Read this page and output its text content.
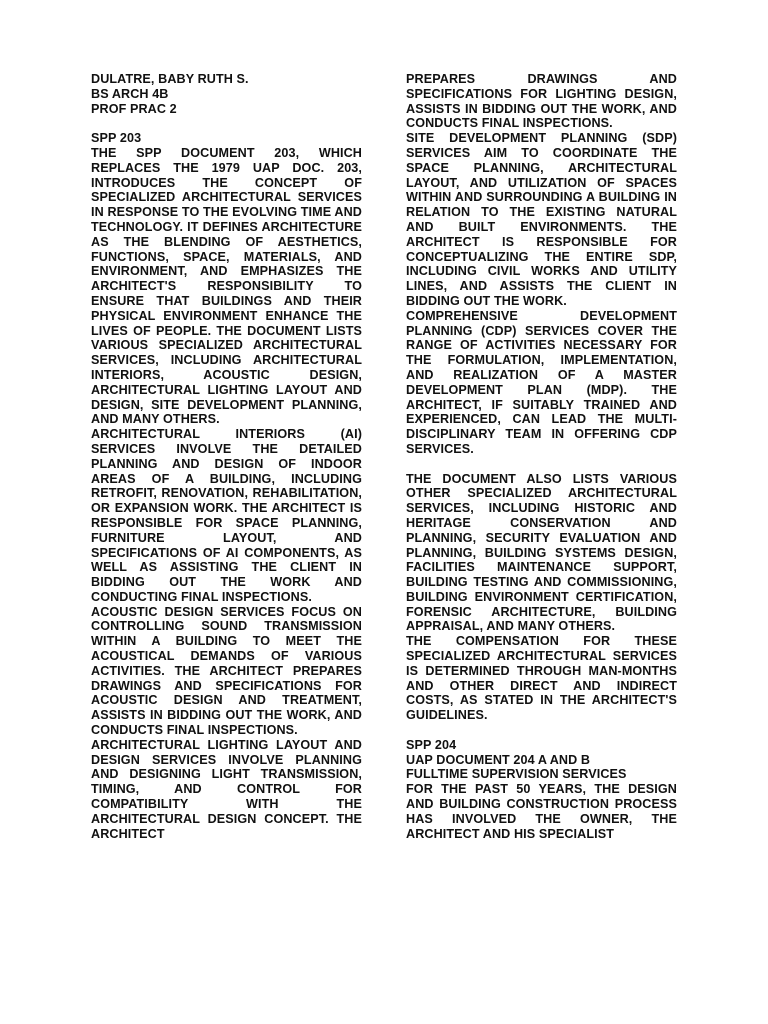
DULATRE, BABY RUTH S.

BS ARCH 4B

PROF PRAC 2

SPP 203

THE SPP DOCUMENT 203, WHICH REPLACES THE 1979 UAP DOC. 203, INTRODUCES THE CONCEPT OF SPECIALIZED ARCHITECTURAL SERVICES IN RESPONSE TO THE EVOLVING TIME AND TECHNOLOGY. IT DEFINES ARCHITECTURE AS THE BLENDING OF AESTHETICS, FUNCTIONS, SPACE, MATERIALS, AND ENVIRONMENT, AND EMPHASIZES THE ARCHITECT'S RESPONSIBILITY TO ENSURE THAT BUILDINGS AND THEIR PHYSICAL ENVIRONMENT ENHANCE THE LIVES OF PEOPLE. THE DOCUMENT LISTS VARIOUS SPECIALIZED ARCHITECTURAL SERVICES, INCLUDING ARCHITECTURAL INTERIORS, ACOUSTIC DESIGN, ARCHITECTURAL LIGHTING LAYOUT AND DESIGN, SITE DEVELOPMENT PLANNING, AND MANY OTHERS.

ARCHITECTURAL INTERIORS (AI) SERVICES INVOLVE THE DETAILED PLANNING AND DESIGN OF INDOOR AREAS OF A BUILDING, INCLUDING RETROFIT, RENOVATION, REHABILITATION, OR EXPANSION WORK. THE ARCHITECT IS RESPONSIBLE FOR SPACE PLANNING, FURNITURE LAYOUT, AND SPECIFICATIONS OF AI COMPONENTS, AS WELL AS ASSISTING THE CLIENT IN BIDDING OUT THE WORK AND CONDUCTING FINAL INSPECTIONS.

ACOUSTIC DESIGN SERVICES FOCUS ON CONTROLLING SOUND TRANSMISSION WITHIN A BUILDING TO MEET THE ACOUSTICAL DEMANDS OF VARIOUS ACTIVITIES. THE ARCHITECT PREPARES DRAWINGS AND SPECIFICATIONS FOR ACOUSTIC DESIGN AND TREATMENT, ASSISTS IN BIDDING OUT THE WORK, AND CONDUCTS FINAL INSPECTIONS.

ARCHITECTURAL LIGHTING LAYOUT AND DESIGN SERVICES INVOLVE PLANNING AND DESIGNING LIGHT TRANSMISSION, TIMING, AND CONTROL FOR COMPATIBILITY WITH THE ARCHITECTURAL DESIGN CONCEPT. THE ARCHITECT

PREPARES DRAWINGS AND SPECIFICATIONS FOR LIGHTING DESIGN, ASSISTS IN BIDDING OUT THE WORK, AND CONDUCTS FINAL INSPECTIONS.

SITE DEVELOPMENT PLANNING (SDP) SERVICES AIM TO COORDINATE THE SPACE PLANNING, ARCHITECTURAL LAYOUT, AND UTILIZATION OF SPACES WITHIN AND SURROUNDING A BUILDING IN RELATION TO THE EXISTING NATURAL AND BUILT ENVIRONMENTS. THE ARCHITECT IS RESPONSIBLE FOR CONCEPTUALIZING THE ENTIRE SDP, INCLUDING CIVIL WORKS AND UTILITY LINES, AND ASSISTS THE CLIENT IN BIDDING OUT THE WORK.

COMPREHENSIVE DEVELOPMENT PLANNING (CDP) SERVICES COVER THE RANGE OF ACTIVITIES NECESSARY FOR THE FORMULATION, IMPLEMENTATION, AND REALIZATION OF A MASTER DEVELOPMENT PLAN (MDP). THE ARCHITECT, IF SUITABLY TRAINED AND EXPERIENCED, CAN LEAD THE MULTI-DISCIPLINARY TEAM IN OFFERING CDP SERVICES.

THE DOCUMENT ALSO LISTS VARIOUS OTHER SPECIALIZED ARCHITECTURAL SERVICES, INCLUDING HISTORIC AND HERITAGE CONSERVATION AND PLANNING, SECURITY EVALUATION AND PLANNING, BUILDING SYSTEMS DESIGN, FACILITIES MAINTENANCE SUPPORT, BUILDING TESTING AND COMMISSIONING, BUILDING ENVIRONMENT CERTIFICATION, FORENSIC ARCHITECTURE, BUILDING APPRAISAL, AND MANY OTHERS.

THE COMPENSATION FOR THESE SPECIALIZED ARCHITECTURAL SERVICES IS DETERMINED THROUGH MAN-MONTHS AND OTHER DIRECT AND INDIRECT COSTS, AS STATED IN THE ARCHITECT'S GUIDELINES.

SPP 204

UAP DOCUMENT 204 A AND B

FULLTIME SUPERVISION SERVICES

FOR THE PAST 50 YEARS, THE DESIGN AND BUILDING CONSTRUCTION PROCESS HAS INVOLVED THE OWNER, THE ARCHITECT AND HIS SPECIALIST
